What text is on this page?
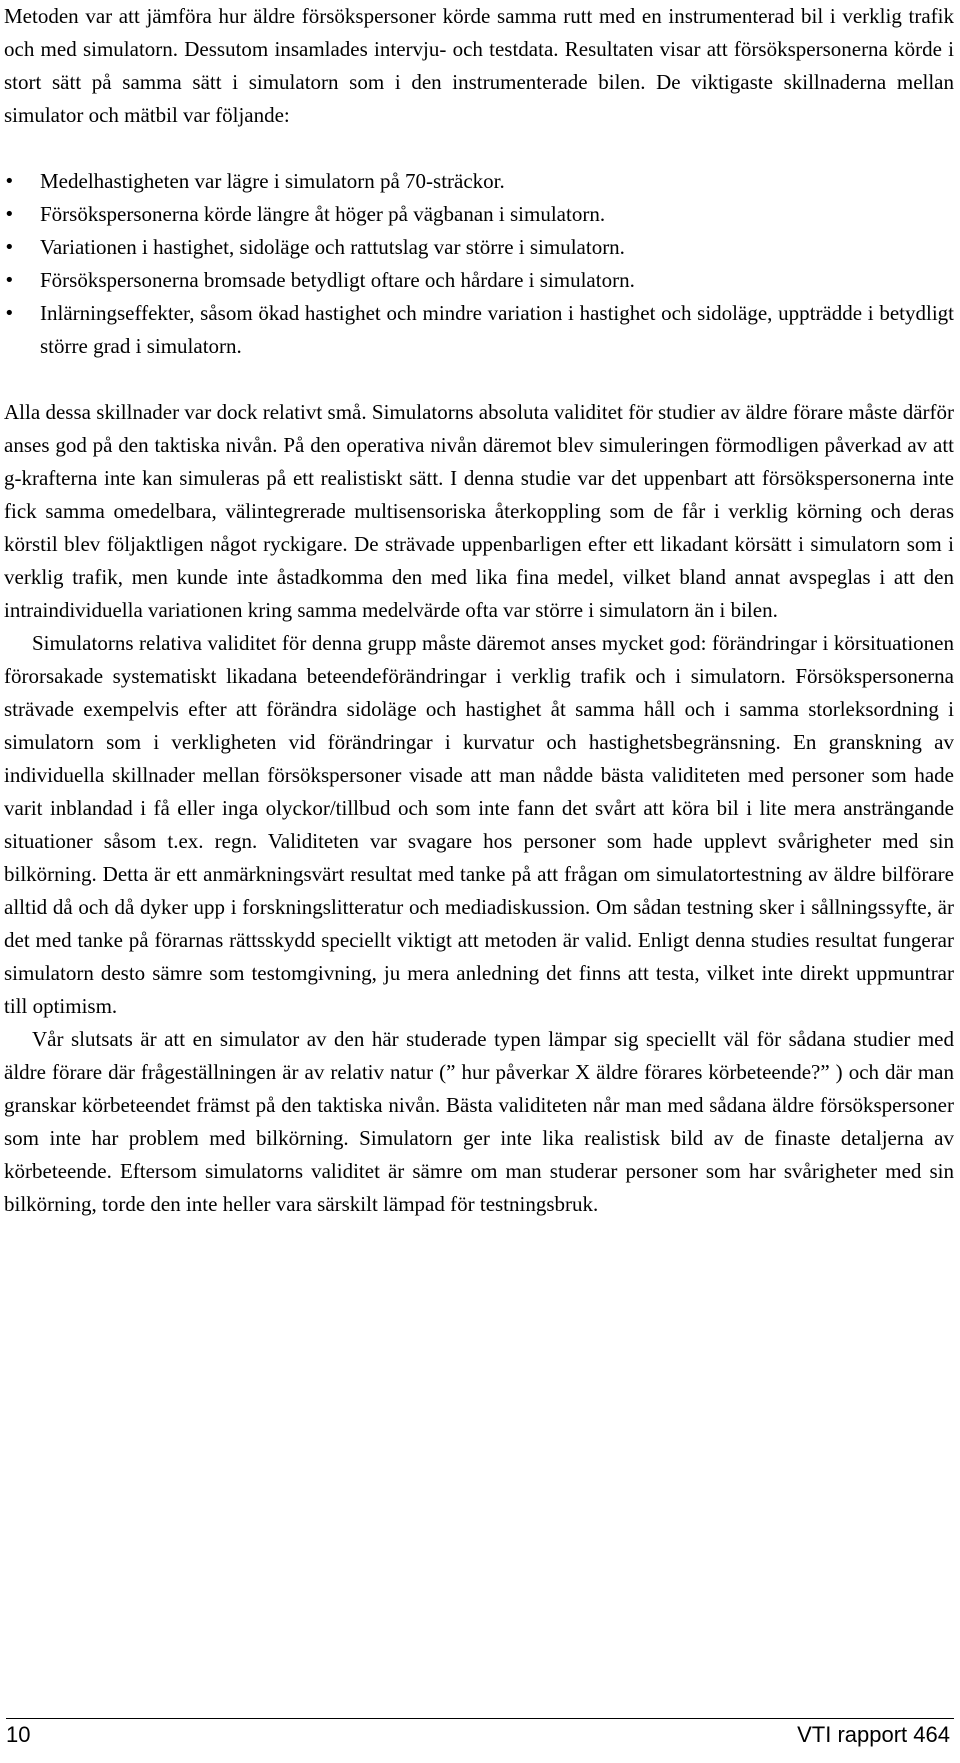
Metoden var att jämföra hur äldre försökspersoner körde samma rutt med en instrumenterad bil i verklig trafik och med simulatorn. Dessutom insamlades intervju- och testdata. Resultaten visar att försökspersonerna körde i stort sätt på samma sätt i simulatorn som i den instrumenterade bilen. De viktigaste skillnaderna mellan simulator och mätbil var följande:

•	Medelhastigheten var lägre i simulatorn på 70-sträckor.
•	Försökspersonerna körde längre åt höger på vägbanan i simulatorn.
•	Variationen i hastighet, sidoläge och rattutslag var större i simulatorn.
•	Försökspersonerna bromsade betydligt oftare och hårdare i simulatorn.
•	Inlärningseffekter, såsom ökad hastighet och mindre variation i hastighet och sidoläge, uppträdde i betydligt större grad i simulatorn.

Alla dessa skillnader var dock relativt små. Simulatorns absoluta validitet för studier av äldre förare måste därför anses god på den taktiska nivån. På den operativa nivån däremot blev simuleringen förmodligen påverkad av att g-krafterna inte kan simuleras på ett realistiskt sätt. I denna studie var det uppenbart att försökspersonerna inte fick samma omedelbara, välintegrerade multisensoriska återkoppling som de får i verklig körning och deras körstil blev följaktligen något ryckigare. De strävade uppenbarligen efter ett likadant körsätt i simulatorn som i verklig trafik, men kunde inte åstadkomma den med lika fina medel, vilket bland annat avspeglas i att den intraindividuella variationen kring samma medelvärde ofta var större i simulatorn än i bilen.

Simulatorns relativa validitet för denna grupp måste däremot anses mycket god: förändringar i körsituationen förorsakade systematiskt likadana beteendeförändringar i verklig trafik och i simulatorn. Försökspersonerna strävade exempelvis efter att förändra sidoläge och hastighet åt samma håll och i samma storleksordning i simulatorn som i verkligheten vid förändringar i kurvatur och hastighetsbegränsning. En granskning av individuella skillnader mellan försökspersoner visade att man nådde bästa validiteten med personer som hade varit inblandad i få eller inga olyckor/tillbud och som inte fann det svårt att köra bil i lite mera ansträngande situationer såsom t.ex. regn. Validiteten var svagare hos personer som hade upplevt svårigheter med sin bilkörning. Detta är ett anmärkningsvärt resultat med tanke på att frågan om simulatortestning av äldre bilförare alltid då och då dyker upp i forskningslitteratur och mediadiskussion. Om sådan testning sker i sållningssyfte, är det med tanke på förarnas rättsskydd speciellt viktigt att metoden är valid. Enligt denna studies resultat fungerar simulatorn desto sämre som testomgivning, ju mera anledning det finns att testa, vilket inte direkt uppmuntrar till optimism.

Vår slutsats är att en simulator av den här studerade typen lämpar sig speciellt väl för sådana studier med äldre förare där frågeställningen är av relativ natur (” hur påverkar X äldre förares körbeteende?” ) och där man granskar körbeteendet främst på den taktiska nivån. Bästa validiteten når man med sådana äldre försökspersoner som inte har problem med bilkörning. Simulatorn ger inte lika realistisk bild av de finaste detaljerna av körbeteende. Eftersom simulatorns validitet är sämre om man studerar personer som har svårigheter med sin bilkörning, torde den inte heller vara särskilt lämpad för testningsbruk.

10	VTI rapport 464
